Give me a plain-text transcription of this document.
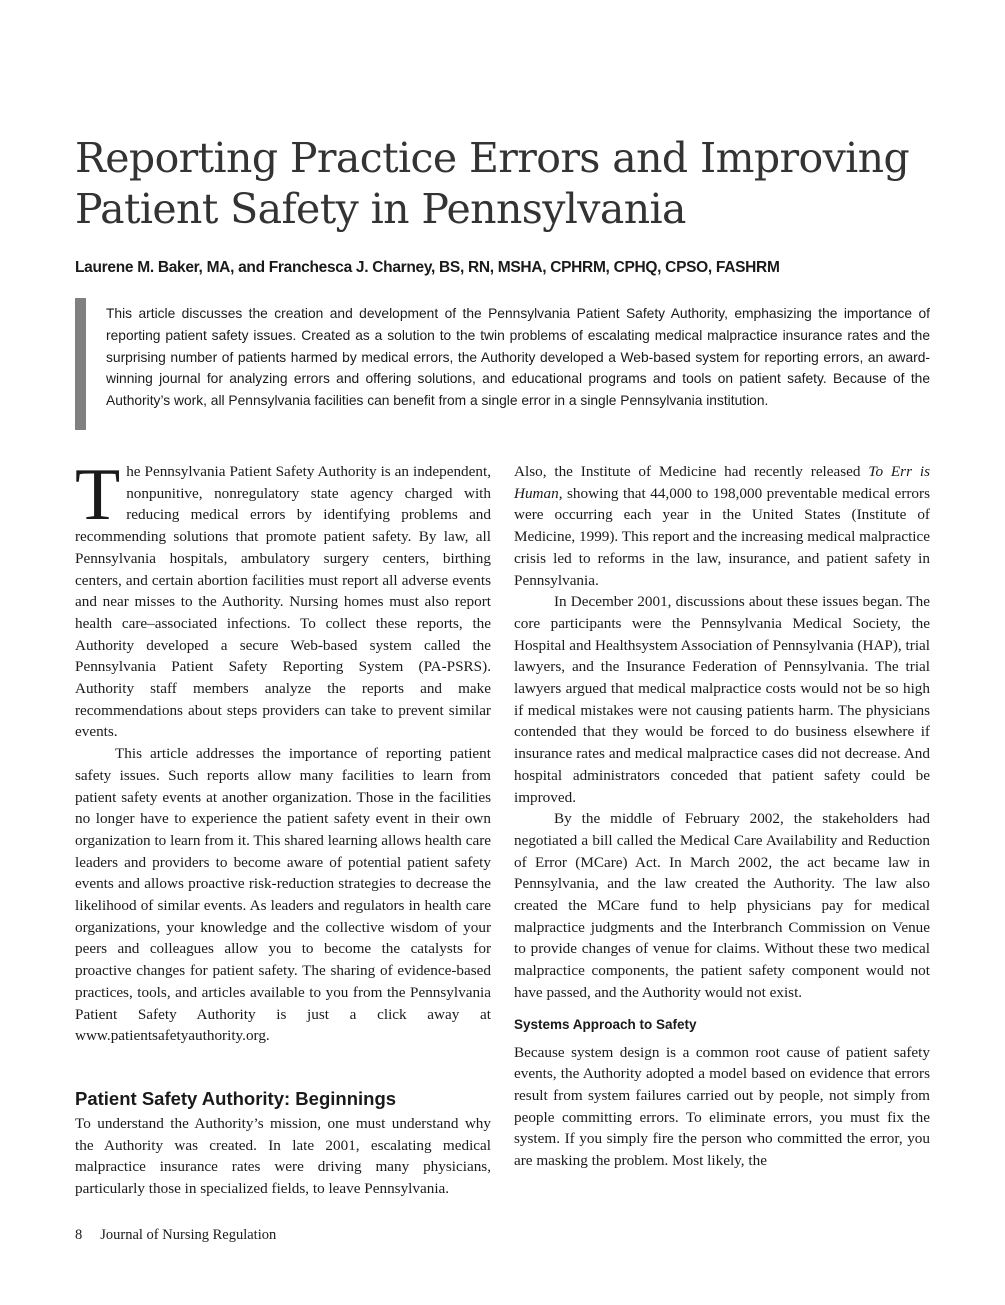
Reporting Practice Errors and Improving
Patient Safety in Pennsylvania
Laurene M. Baker, MA, and Franchesca J. Charney, BS, RN, MSHA, CPHRM, CPHQ, CPSO, FASHRM
This article discusses the creation and development of the Pennsylvania Patient Safety Authority, emphasizing the importance of reporting patient safety issues. Created as a solution to the twin problems of escalating medical malpractice insurance rates and the surprising number of patients harmed by medical errors, the Authority developed a Web-based system for reporting errors, an award-winning journal for analyzing errors and offering solutions, and educational programs and tools on patient safety. Because of the Authority’s work, all Pennsylvania facilities can benefit from a single error in a single Pennsylvania institution.

The Pennsylvania Patient Safety Authority is an independent, nonpunitive, nonregulatory state agency charged with reducing medical errors by identifying problems and recommending solutions that promote patient safety. By law, all Pennsylvania hospitals, ambulatory surgery centers, birthing centers, and certain abortion facilities must report all adverse events and near misses to the Authority. Nursing homes must also report health care–associated infections. To collect these reports, the Authority developed a secure Web-based system called the Pennsylvania Patient Safety Reporting System (PA-PSRS). Authority staff members analyze the reports and make recommendations about steps providers can take to prevent similar events.

This article addresses the importance of reporting patient safety issues. Such reports allow many facilities to learn from patient safety events at another organization. Those in the facilities no longer have to experience the patient safety event in their own organization to learn from it. This shared learning allows health care leaders and providers to become aware of potential patient safety events and allows proactive risk-reduction strategies to decrease the likelihood of similar events. As leaders and regulators in health care organizations, your knowledge and the collective wisdom of your peers and colleagues allow you to become the catalysts for proactive changes for patient safety. The sharing of evidence-based practices, tools, and articles available to you from the Pennsylvania Patient Safety Authority is just a click away at www.patientsafetyauthority.org.

Patient Safety Authority: Beginnings

To understand the Authority’s mission, one must understand why the Authority was created. In late 2001, escalating medical malpractice insurance rates were driving many physicians, particularly those in specialized fields, to leave Pennsylvania.

Also, the Institute of Medicine had recently released To Err is Human, showing that 44,000 to 198,000 preventable medical errors were occurring each year in the United States (Institute of Medicine, 1999). This report and the increasing medical malpractice crisis led to reforms in the law, insurance, and patient safety in Pennsylvania.

In December 2001, discussions about these issues began. The core participants were the Pennsylvania Medical Society, the Hospital and Healthsystem Association of Pennsylvania (HAP), trial lawyers, and the Insurance Federation of Pennsylvania. The trial lawyers argued that medical malpractice costs would not be so high if medical mistakes were not causing patients harm. The physicians contended that they would be forced to do business elsewhere if insurance rates and medical malpractice cases did not decrease. And hospital administrators conceded that patient safety could be improved.

By the middle of February 2002, the stakeholders had negotiated a bill called the Medical Care Availability and Reduction of Error (MCare) Act. In March 2002, the act became law in Pennsylvania, and the law created the Authority. The law also created the MCare fund to help physicians pay for medical malpractice judgments and the Interbranch Commission on Venue to provide changes of venue for claims. Without these two medical malpractice components, the patient safety component would not have passed, and the Authority would not exist.

Systems Approach to Safety

Because system design is a common root cause of patient safety events, the Authority adopted a model based on evidence that errors result from system failures carried out by people, not simply from people committing errors. To eliminate errors, you must fix the system. If you simply fire the person who committed the error, you are masking the problem. Most likely, the

8 Journal of Nursing Regulation
